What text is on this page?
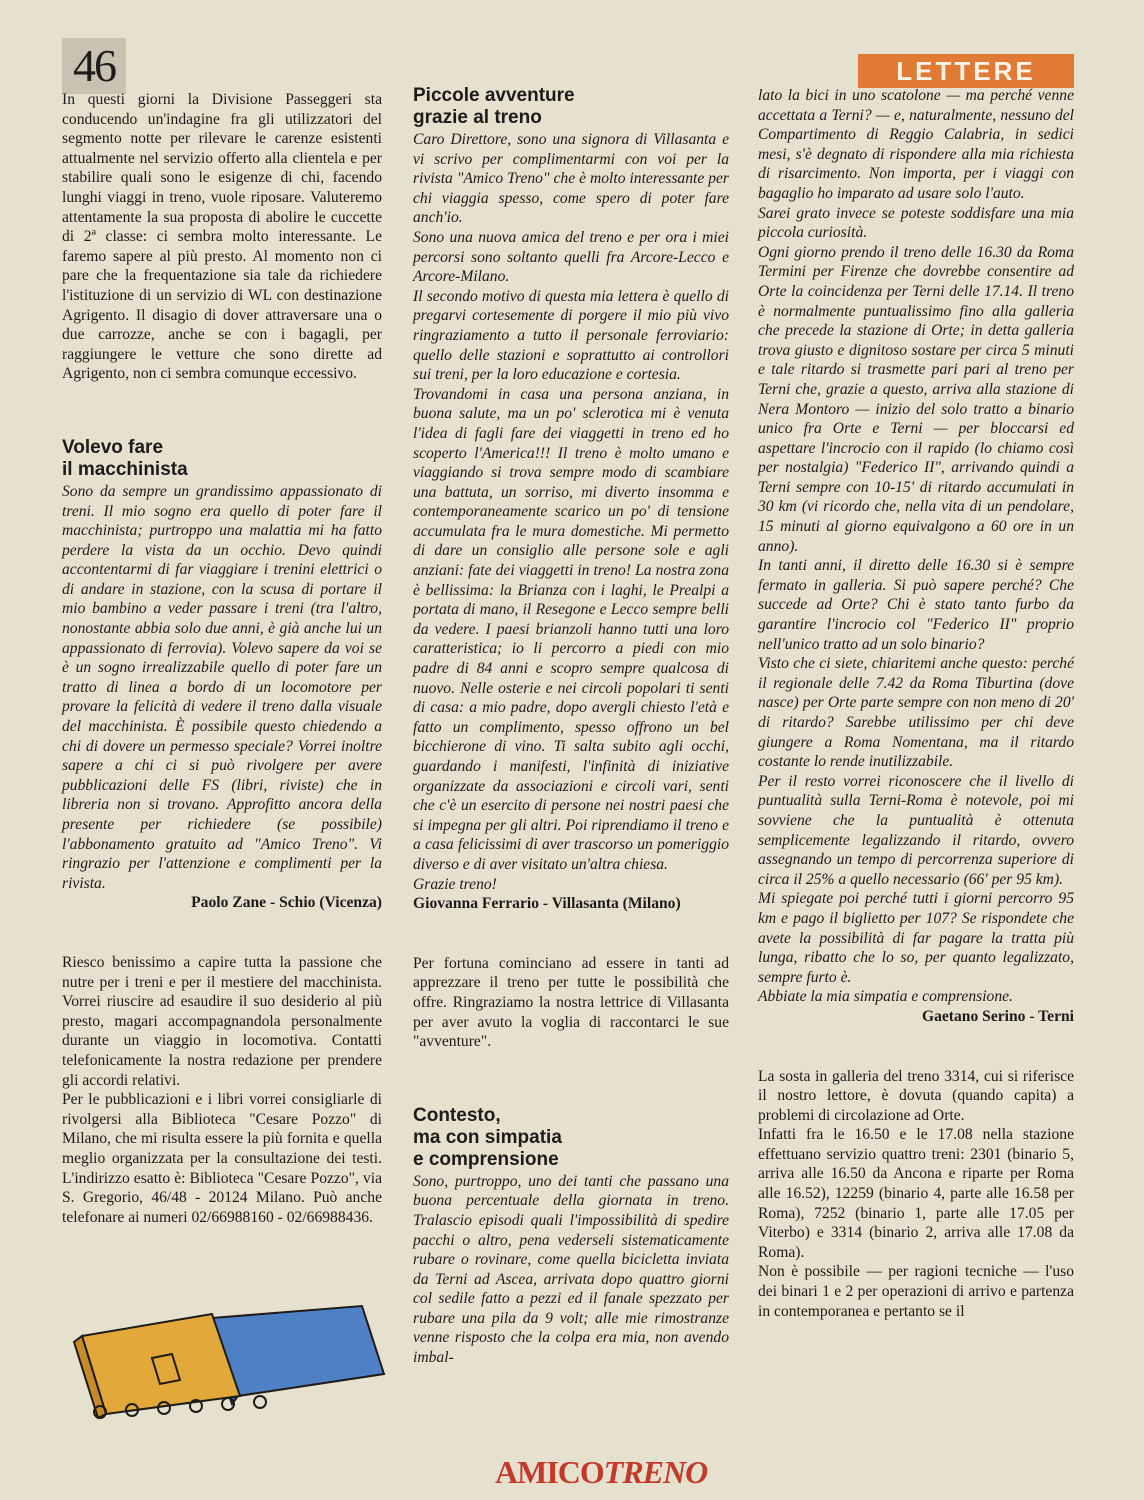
46	LETTERE

In questi giorni la Divisione Passeggeri sta conducendo un'indagine fra gli utilizzatori del segmento notte per rilevare le carenze esistenti attualmente nel servizio offerto alla clientela e per stabilire quali sono le esigenze di chi, facendo lunghi viaggi in treno, vuole riposare. Valuteremo attentamente la sua proposta di abolire le cuccette di 2ª classe: ci sembra molto interessante. Le faremo sapere al più presto. Al momento non ci pare che la frequentazione sia tale da richiedere l'istituzione di un servizio di WL con destinazione Agrigento. Il disagio di dover attraversare una o due carrozze, anche se con i bagagli, per raggiungere le vetture che sono dirette ad Agrigento, non ci sembra comunque eccessivo.

Volevo fare
il macchinista

Sono da sempre un grandissimo appassionato di treni. Il mio sogno era quello di poter fare il macchinista; purtroppo una malattia mi ha fatto perdere la vista da un occhio. Devo quindi accontentarmi di far viaggiare i trenini elettrici o di andare in stazione, con la scusa di portare il mio bambino a veder passare i treni (tra l'altro, nonostante abbia solo due anni, è già anche lui un appassionato di ferrovia). Volevo sapere da voi se è un sogno irrealizzabile quello di poter fare un tratto di linea a bordo di un locomotore per provare la felicità di vedere il treno dalla visuale del macchinista. È possibile questo chiedendo a chi di dovere un permesso speciale? Vorrei inoltre sapere a chi ci si può rivolgere per avere pubblicazioni delle FS (libri, riviste) che in libreria non si trovano. Approfitto ancora della presente per richiedere (se possibile) l'abbonamento gratuito ad "Amico Treno". Vi ringrazio per l'attenzione e complimenti per la rivista.

Paolo Zane - Schio (Vicenza)

Riesco benissimo a capire tutta la passione che nutre per i treni e per il mestiere del macchinista. Vorrei riuscire ad esaudire il suo desiderio al più presto, magari accompagnandola personalmente durante un viaggio in locomotiva. Contatti telefonicamente la nostra redazione per prendere gli accordi relativi.

Per le pubblicazioni e i libri vorrei consigliarle di rivolgersi alla Biblioteca "Cesare Pozzo" di Milano, che mi risulta essere la più fornita e quella meglio organizzata per la consultazione dei testi. L'indirizzo esatto è: Biblioteca "Cesare Pozzo", via S. Gregorio, 46/48 - 20124 Milano. Può anche telefonare ai numeri 02/66988160 - 02/66988436.

Piccole avventure
grazie al treno

Caro Direttore, sono una signora di Villasanta e vi scrivo per complimentarmi con voi per la rivista "Amico Treno" che è molto interessante per chi viaggia spesso, come spero di poter fare anch'io.

Sono una nuova amica del treno e per ora i miei percorsi sono soltanto quelli fra Arcore-Lecco e Arcore-Milano.

Il secondo motivo di questa mia lettera è quello di pregarvi cortesemente di porgere il mio più vivo ringraziamento a tutto il personale ferroviario: quello delle stazioni e soprattutto ai controllori sui treni, per la loro educazione e cortesia.

Trovandomi in casa una persona anziana, in buona salute, ma un po' sclerotica mi è venuta l'idea di fagli fare dei viaggetti in treno ed ho scoperto l'America!!! Il treno è molto umano e viaggiando si trova sempre modo di scambiare una battuta, un sorriso, mi diverto insomma e contemporaneamente scarico un po' di tensione accumulata fra le mura domestiche. Mi permetto di dare un consiglio alle persone sole e agli anziani: fate dei viaggetti in treno! La nostra zona è bellissima: la Brianza con i laghi, le Prealpi a portata di mano, il Resegone e Lecco sempre belli da vedere. I paesi brianzoli hanno tutti una loro caratteristica; io li percorro a piedi con mio padre di 84 anni e scopro sempre qualcosa di nuovo. Nelle osterie e nei circoli popolari ti senti di casa: a mio padre, dopo avergli chiesto l'età e fatto un complimento, spesso offrono un bel bicchierone di vino. Ti salta subito agli occhi, guardando i manifesti, l'infinità di iniziative organizzate da associazioni e circoli vari, senti che c'è un esercito di persone nei nostri paesi che si impegna per gli altri. Poi riprendiamo il treno e a casa felicissimi di aver trascorso un pomeriggio diverso e di aver visitato un'altra chiesa.

Grazie treno!

Giovanna Ferrario - Villasanta (Milano)

Per fortuna cominciano ad essere in tanti ad apprezzare il treno per tutte le possibilità che offre. Ringraziamo la nostra lettrice di Villasanta per aver avuto la voglia di raccontarci le sue "avventure".

Contesto,
ma con simpatia
e comprensione

Sono, purtroppo, uno dei tanti che passano una buona percentuale della giornata in treno. Tralascio episodi quali l'impossibilità di spedire pacchi o altro, pena vederseli sistematicamente rubare o rovinare, come quella bicicletta inviata da Terni ad Ascea, arrivata dopo quattro giorni col sedile fatto a pezzi ed il fanale spezzato per rubare una pila da 9 volt; alle mie rimostranze venne risposto che la colpa era mia, non avendo imbal-

lato la bici in uno scatolone — ma perché venne accettata a Terni? — e, naturalmente, nessuno del Compartimento di Reggio Calabria, in sedici mesi, s'è degnato di rispondere alla mia richiesta di risarcimento. Non importa, per i viaggi con bagaglio ho imparato ad usare solo l'auto.

Sarei grato invece se poteste soddisfare una mia piccola curiosità.

Ogni giorno prendo il treno delle 16.30 da Roma Termini per Firenze che dovrebbe consentire ad Orte la coincidenza per Terni delle 17.14. Il treno è normalmente puntualissimo fino alla galleria che precede la stazione di Orte; in detta galleria trova giusto e dignitoso sostare per circa 5 minuti e tale ritardo si trasmette pari pari al treno per Terni che, grazie a questo, arriva alla stazione di Nera Montoro — inizio del solo tratto a binario unico fra Orte e Terni — per bloccarsi ed aspettare l'incrocio con il rapido (lo chiamo così per nostalgia) "Federico II", arrivando quindi a Terni sempre con 10-15' di ritardo accumulati in 30 km (vi ricordo che, nella vita di un pendolare, 15 minuti al giorno equivalgono a 60 ore in un anno).

In tanti anni, il diretto delle 16.30 si è sempre fermato in galleria. Si può sapere perché? Che succede ad Orte? Chi è stato tanto furbo da garantire l'incrocio col "Federico II" proprio nell'unico tratto ad un solo binario?

Visto che ci siete, chiaritemi anche questo: perché il regionale delle 7.42 da Roma Tiburtina (dove nasce) per Orte parte sempre con non meno di 20' di ritardo? Sarebbe utilissimo per chi deve giungere a Roma Nomentana, ma il ritardo costante lo rende inutilizzabile.

Per il resto vorrei riconoscere che il livello di puntualità sulla Terni-Roma è notevole, poi mi sovviene che la puntualità è ottenuta semplicemente legalizzando il ritardo, ovvero assegnando un tempo di percorrenza superiore di circa il 25% a quello necessario (66' per 95 km).

Mi spiegate poi perché tutti i giorni percorro 95 km e pago il biglietto per 107? Se rispondete che avete la possibilità di far pagare la tratta più lunga, ribatto che lo so, per quanto legalizzato, sempre furto è.

Abbiate la mia simpatia e comprensione.

Gaetano Serino - Terni

La sosta in galleria del treno 3314, cui si riferisce il nostro lettore, è dovuta (quando capita) a problemi di circolazione ad Orte.

Infatti fra le 16.50 e le 17.08 nella stazione effettuano servizio quattro treni: 2301 (binario 5, arriva alle 16.50 da Ancona e riparte per Roma alle 16.52), 12259 (binario 4, parte alle 16.58 per Roma), 7252 (binario 1, parte alle 17.05 per Viterbo) e 3314 (binario 2, arriva alle 17.08 da Roma).

Non è possibile — per ragioni tecniche — l'uso dei binari 1 e 2 per operazioni di arrivo e partenza in contemporanea e pertanto se il

AMICOTRENO
